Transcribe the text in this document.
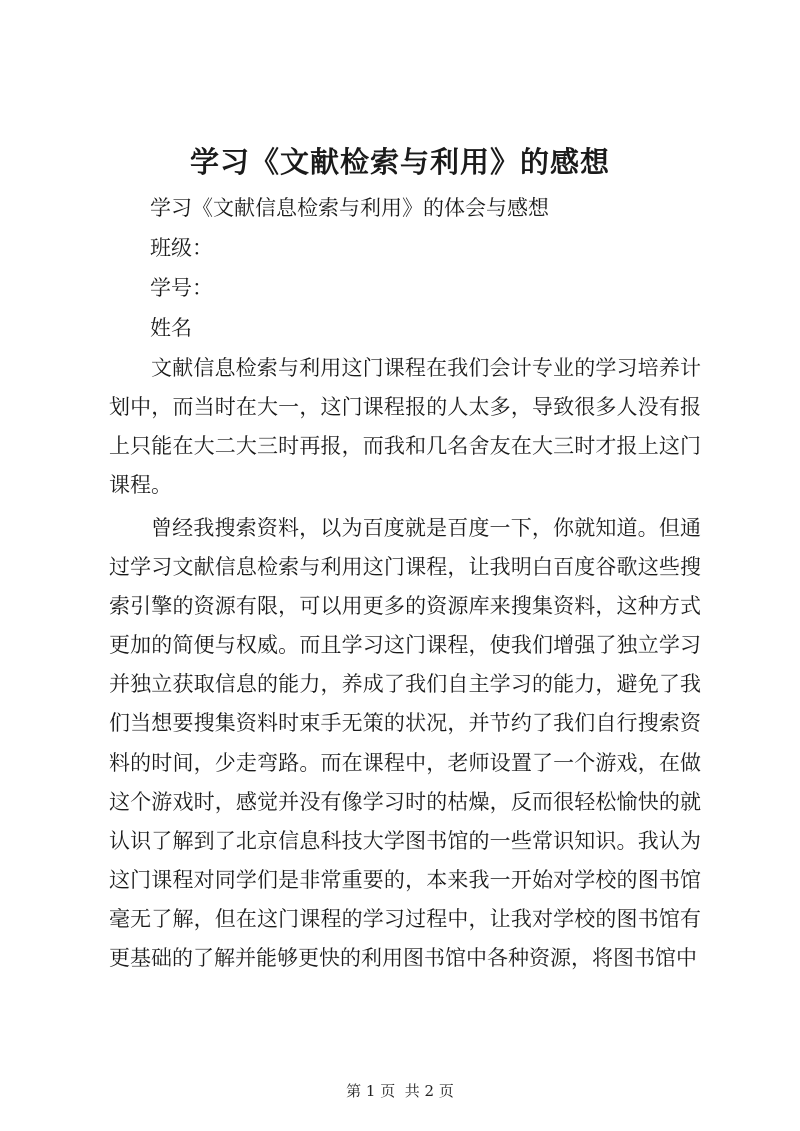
学习《文献检索与利用》的感想
学习《文献信息检索与利用》的体会与感想
班级：
学号：
姓名

文献信息检索与利用这门课程在我们会计专业的学习培养计划中，而当时在大一，这门课程报的人太多，导致很多人没有报上只能在大二大三时再报，而我和几名舍友在大三时才报上这门课程。

曾经我搜索资料，以为百度就是百度一下，你就知道。但通过学习文献信息检索与利用这门课程，让我明白百度谷歌这些搜索引擎的资源有限，可以用更多的资源库来搜集资料，这种方式更加的简便与权威。而且学习这门课程，使我们增强了独立学习并独立获取信息的能力，养成了我们自主学习的能力，避免了我们当想要搜集资料时束手无策的状况，并节约了我们自行搜索资料的时间，少走弯路。而在课程中，老师设置了一个游戏，在做这个游戏时，感觉并没有像学习时的枯燥，反而很轻松愉快的就认识了解到了北京信息科技大学图书馆的一些常识知识。我认为这门课程对同学们是非常重要的，本来我一开始对学校的图书馆毫无了解，但在这门课程的学习过程中，让我对学校的图书馆有更基础的了解并能够更快的利用图书馆中各种资源，将图书馆中

第 1 页  共 2 页
